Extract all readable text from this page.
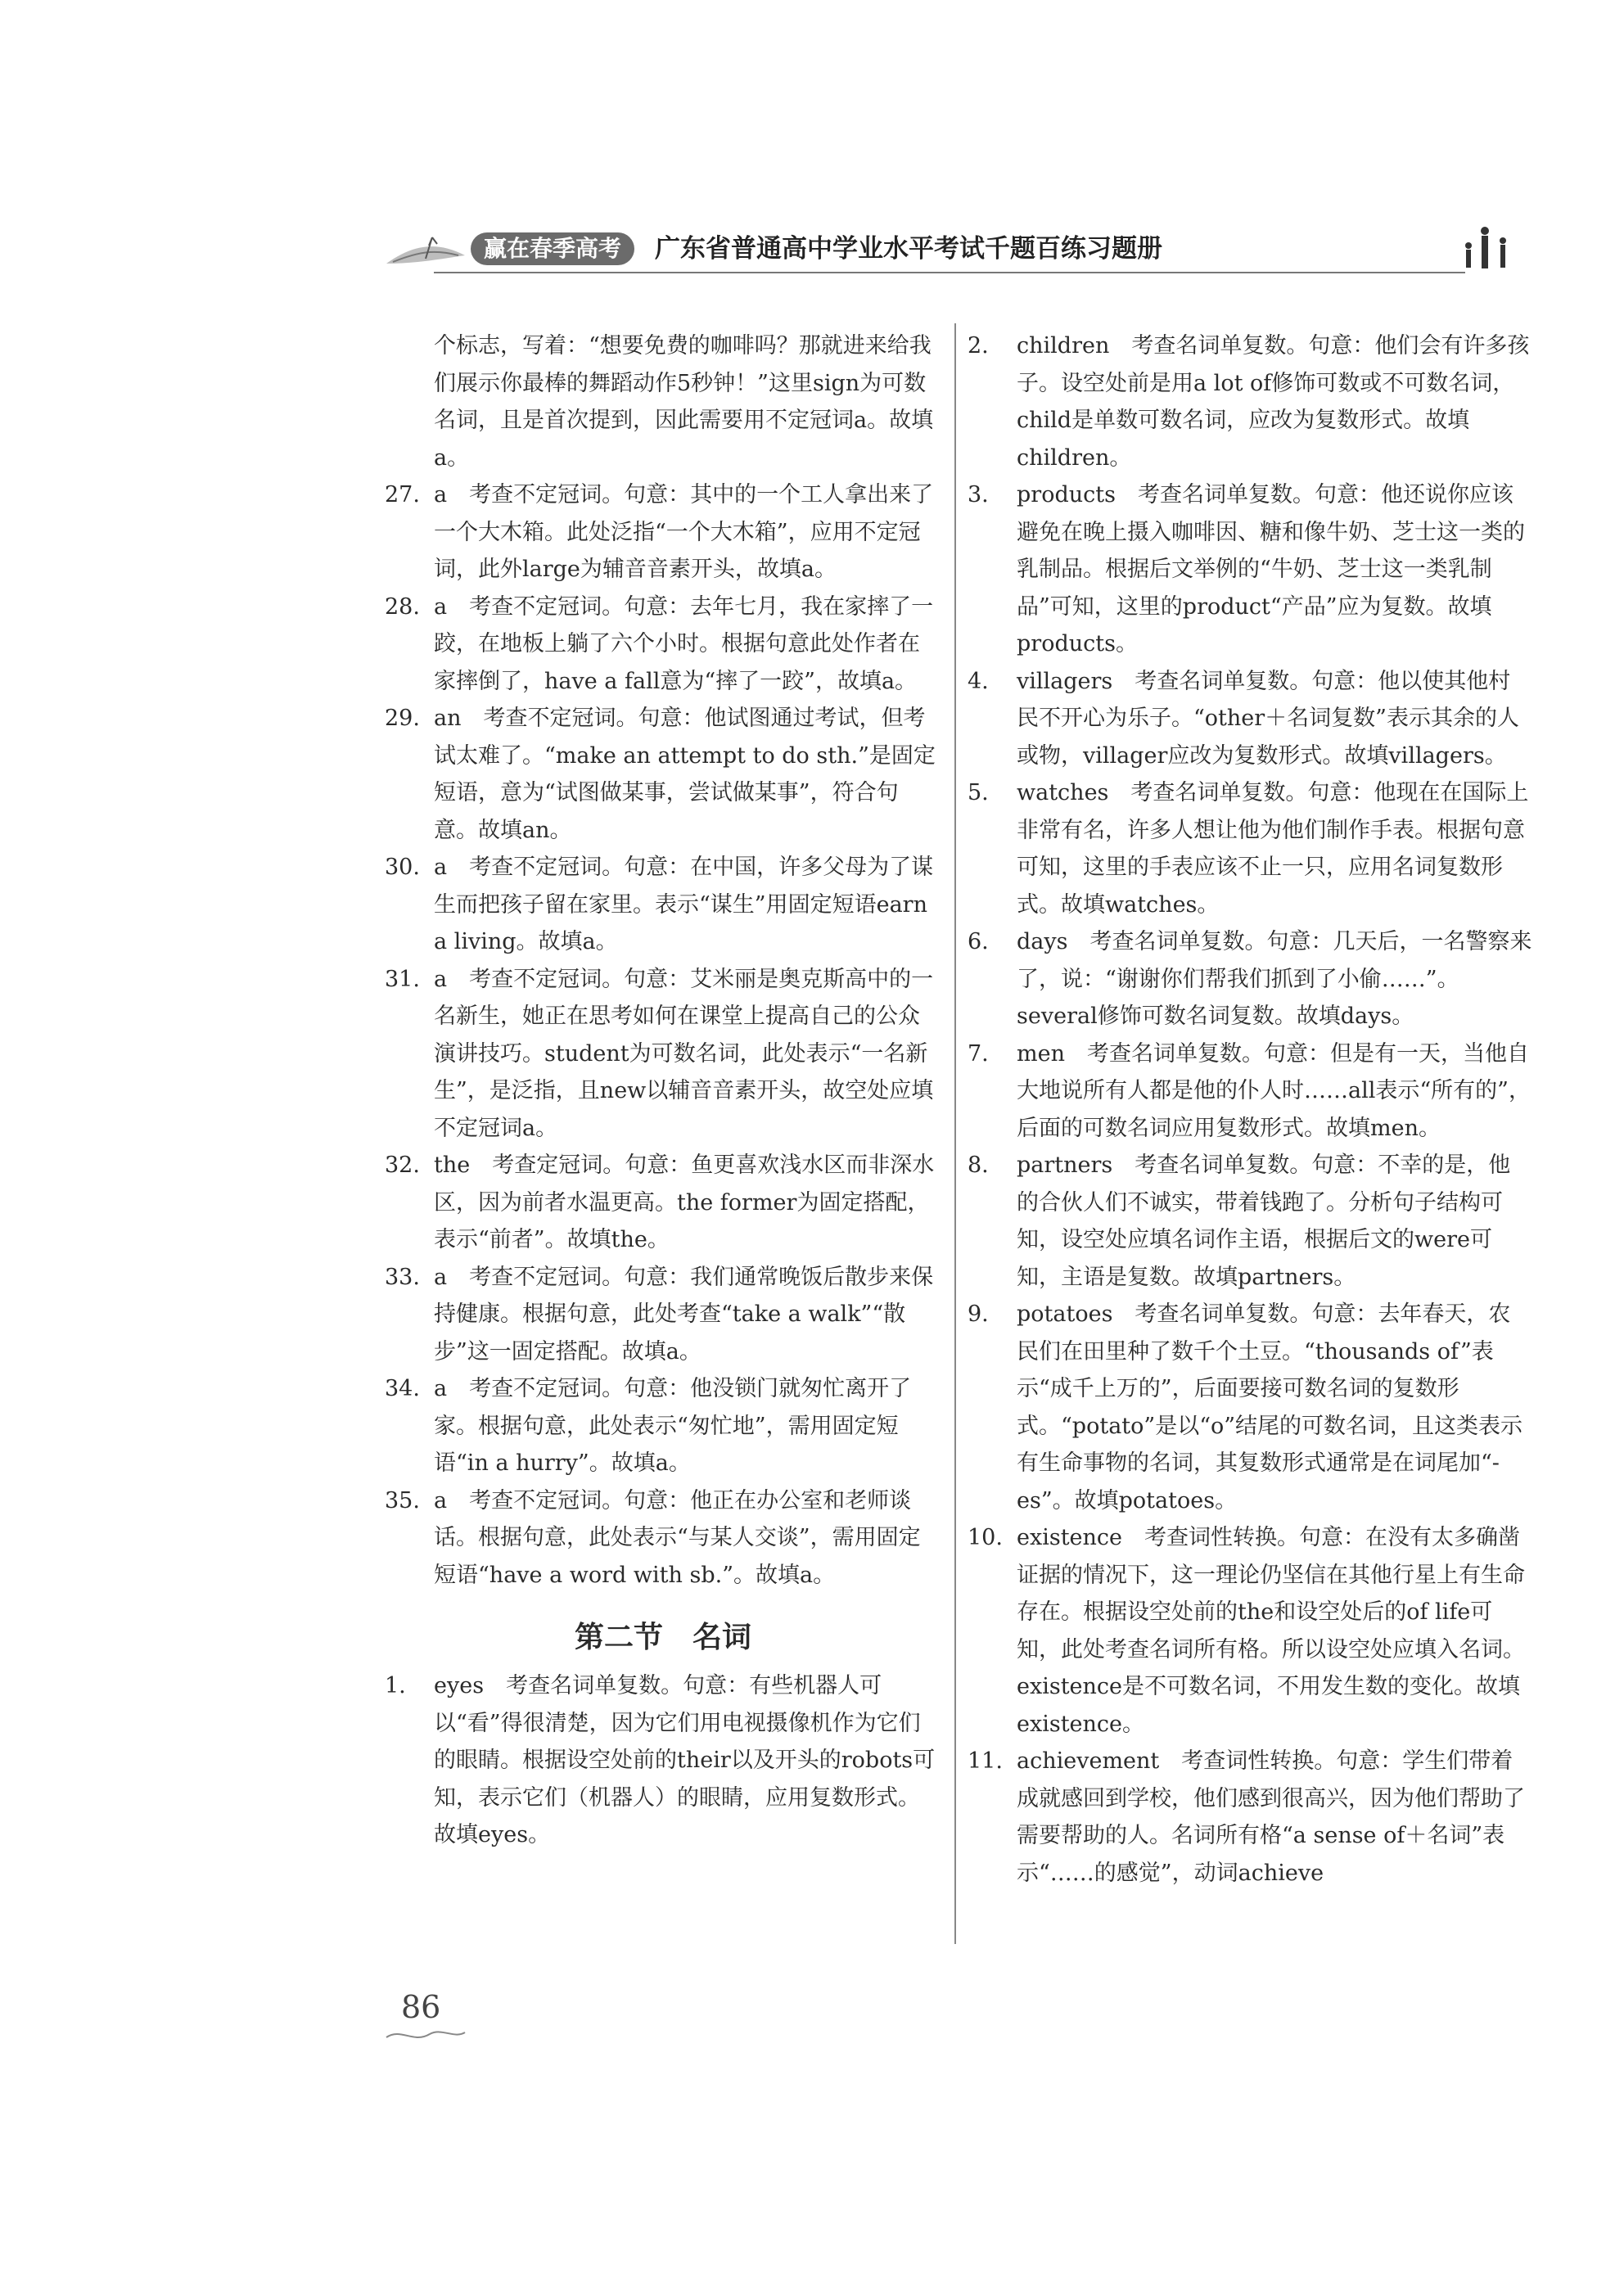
赢在春季高考	广东省普通高中学业水平考试千题百练习题册

个标志，写着：“想要免费的咖啡吗？那就进来给我们展示你最棒的舞蹈动作5秒钟！”这里sign为可数名词，且是首次提到，因此需要用不定冠词a。故填a。

27. a　考查不定冠词。句意：其中的一个工人拿出来了一个大木箱。此处泛指“一个大木箱”，应用不定冠词，此外large为辅音音素开头，故填a。
28. a　考查不定冠词。句意：去年七月，我在家摔了一跤，在地板上躺了六个小时。根据句意此处作者在家摔倒了，have a fall意为“摔了一跤”，故填a。
29. an　考查不定冠词。句意：他试图通过考试，但考试太难了。“make an attempt to do sth.”是固定短语，意为“试图做某事，尝试做某事”，符合句意。故填an。
30. a　考查不定冠词。句意：在中国，许多父母为了谋生而把孩子留在家里。表示“谋生”用固定短语earn a living。故填a。
31. a　考查不定冠词。句意：艾米丽是奥克斯高中的一名新生，她正在思考如何在课堂上提高自己的公众演讲技巧。student为可数名词，此处表示“一名新生”，是泛指，且new以辅音音素开头，故空处应填不定冠词a。
32. the　考查定冠词。句意：鱼更喜欢浅水区而非深水区，因为前者水温更高。the former为固定搭配，表示“前者”。故填the。
33. a　考查不定冠词。句意：我们通常晚饭后散步来保持健康。根据句意，此处考查“take a walk”“散步”这一固定搭配。故填a。
34. a　考查不定冠词。句意：他没锁门就匆忙离开了家。根据句意，此处表示“匆忙地”，需用固定短语“in a hurry”。故填a。
35. a　考查不定冠词。句意：他正在办公室和老师谈话。根据句意，此处表示“与某人交谈”，需用固定短语“have a word with sb.”。故填a。
第二节　名词
1. eyes　考查名词单复数。句意：有些机器人可以“看”得很清楚，因为它们用电视摄像机作为它们的眼睛。根据设空处前的their以及开头的robots可知，表示它们（机器人）的眼睛，应用复数形式。故填eyes。
2. children　考查名词单复数。句意：他们会有许多孩子。设空处前是用a lot of修饰可数或不可数名词，child是单数可数名词，应改为复数形式。故填children。
3. products　考查名词单复数。句意：他还说你应该避免在晚上摄入咖啡因、糖和像牛奶、芝士这一类的乳制品。根据后文举例的“牛奶、芝士这一类乳制品”可知，这里的product“产品”应为复数。故填products。
4. villagers　考查名词单复数。句意：他以使其他村民不开心为乐子。“other＋名词复数”表示其余的人或物，villager应改为复数形式。故填villagers。
5. watches　考查名词单复数。句意：他现在在国际上非常有名，许多人想让他为他们制作手表。根据句意可知，这里的手表应该不止一只，应用名词复数形式。故填watches。
6. days　考查名词单复数。句意：几天后，一名警察来了，说：“谢谢你们帮我们抓到了小偷……”。several修饰可数名词复数。故填days。
7. men　考查名词单复数。句意：但是有一天，当他自大地说所有人都是他的仆人时……all表示“所有的”，后面的可数名词应用复数形式。故填men。
8. partners　考查名词单复数。句意：不幸的是，他的合伙人们不诚实，带着钱跑了。分析句子结构可知，设空处应填名词作主语，根据后文的were可知，主语是复数。故填partners。
9. potatoes　考查名词单复数。句意：去年春天，农民们在田里种了数千个土豆。“thousands of”表示“成千上万的”，后面要接可数名词的复数形式。“potato”是以“o”结尾的可数名词，且这类表示有生命事物的名词，其复数形式通常是在词尾加“-es”。故填potatoes。
10. existence　考查词性转换。句意：在没有太多确凿证据的情况下，这一理论仍坚信在其他行星上有生命存在。根据设空处前的the和设空处后的of life可知，此处考查名词所有格。所以设空处应填入名词。existence是不可数名词，不用发生数的变化。故填existence。
11. achievement　考查词性转换。句意：学生们带着成就感回到学校，他们感到很高兴，因为他们帮助了需要帮助的人。名词所有格“a sense of＋名词”表示“……的感觉”，动词achieve
86
